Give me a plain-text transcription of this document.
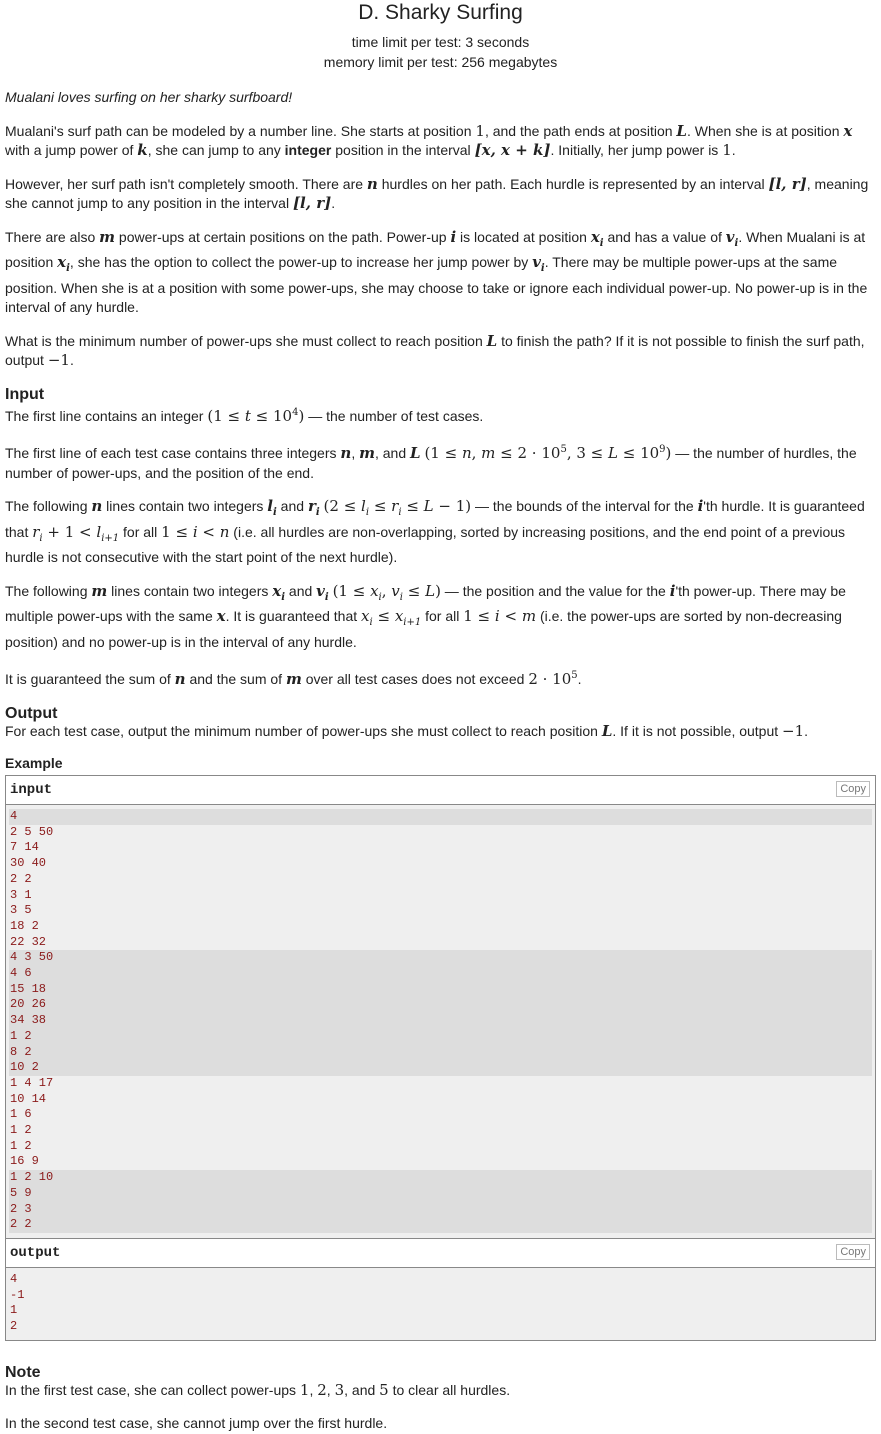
D. Sharky Surfing
time limit per test: 3 seconds
memory limit per test: 256 megabytes

Mualani loves surfing on her sharky surfboard!

Mualani's surf path can be modeled by a number line. She starts at position 1, and the path ends at position L. When she is at position x with a jump power of k, she can jump to any integer position in the interval [x, x + k]. Initially, her jump power is 1.

However, her surf path isn't completely smooth. There are n hurdles on her path. Each hurdle is represented by an interval [l, r], meaning she cannot jump to any position in the interval [l, r].

There are also m power-ups at certain positions on the path. Power-up i is located at position $x_i$ and has a value of $v_i$. When Mualani is at position $x_i$, she has the option to collect the power-up to increase her jump power by $v_i$. There may be multiple power-ups at the same position. When she is at a position with some power-ups, she may choose to take or ignore each individual power-up. No power-up is in the interval of any hurdle.

What is the minimum number of power-ups she must collect to reach position L to finish the path? If it is not possible to finish the surf path, output −1.

Input

The first line contains an integer $(1 \le t \le 10^4)$ — the number of test cases.

The first line of each test case contains three integers n, m, and L (1 ≤ n, $m \le 2 \cdot 10^5$, $3 \le L \le 10^9$) — the number of hurdles, the number of power-ups, and the position of the end.

The following n lines contain two integers $l_i$ and $r_i$ $(2 \le l_i \le r_i \le L - 1)$ — the bounds of the interval for the i'th hurdle. It is guaranteed that $r_i + 1 < l_{i+1}$ for all 1 ≤ i < n (i.e. all hurdles are non-overlapping, sorted by increasing positions, and the end point of a previous hurdle is not consecutive with the start point of the next hurdle).

The following m lines contain two integers $x_i$ and $v_i$ ($1 \le x_i$, $v_i \le L$) — the position and the value for the i'th power-up. There may be multiple power-ups with the same x. It is guaranteed that $x_i \le x_{i+1}$ for all 1 ≤ i < m (i.e. the power-ups are sorted by non-decreasing position) and no power-up is in the interval of any hurdle.

It is guaranteed the sum of n and the sum of m over all test cases does not exceed $2 \cdot 10^5$.

Output

For each test case, output the minimum number of power-ups she must collect to reach position L. If it is not possible, output −1.

Example
input	Copy
4
2 5 50
7 14
30 40
2 2
3 1
3 5
18 2
22 32
4 3 50
4 6
15 18
20 26
34 38
1 2
8 2
10 2
1 4 17
10 14
1 6
1 2
1 2
16 9
1 2 10
5 9
2 3
2 2
output	Copy
4
-1
1
2
Note

In the first test case, she can collect power-ups 1, 2, 3, and 5 to clear all hurdles.

In the second test case, she cannot jump over the first hurdle.
